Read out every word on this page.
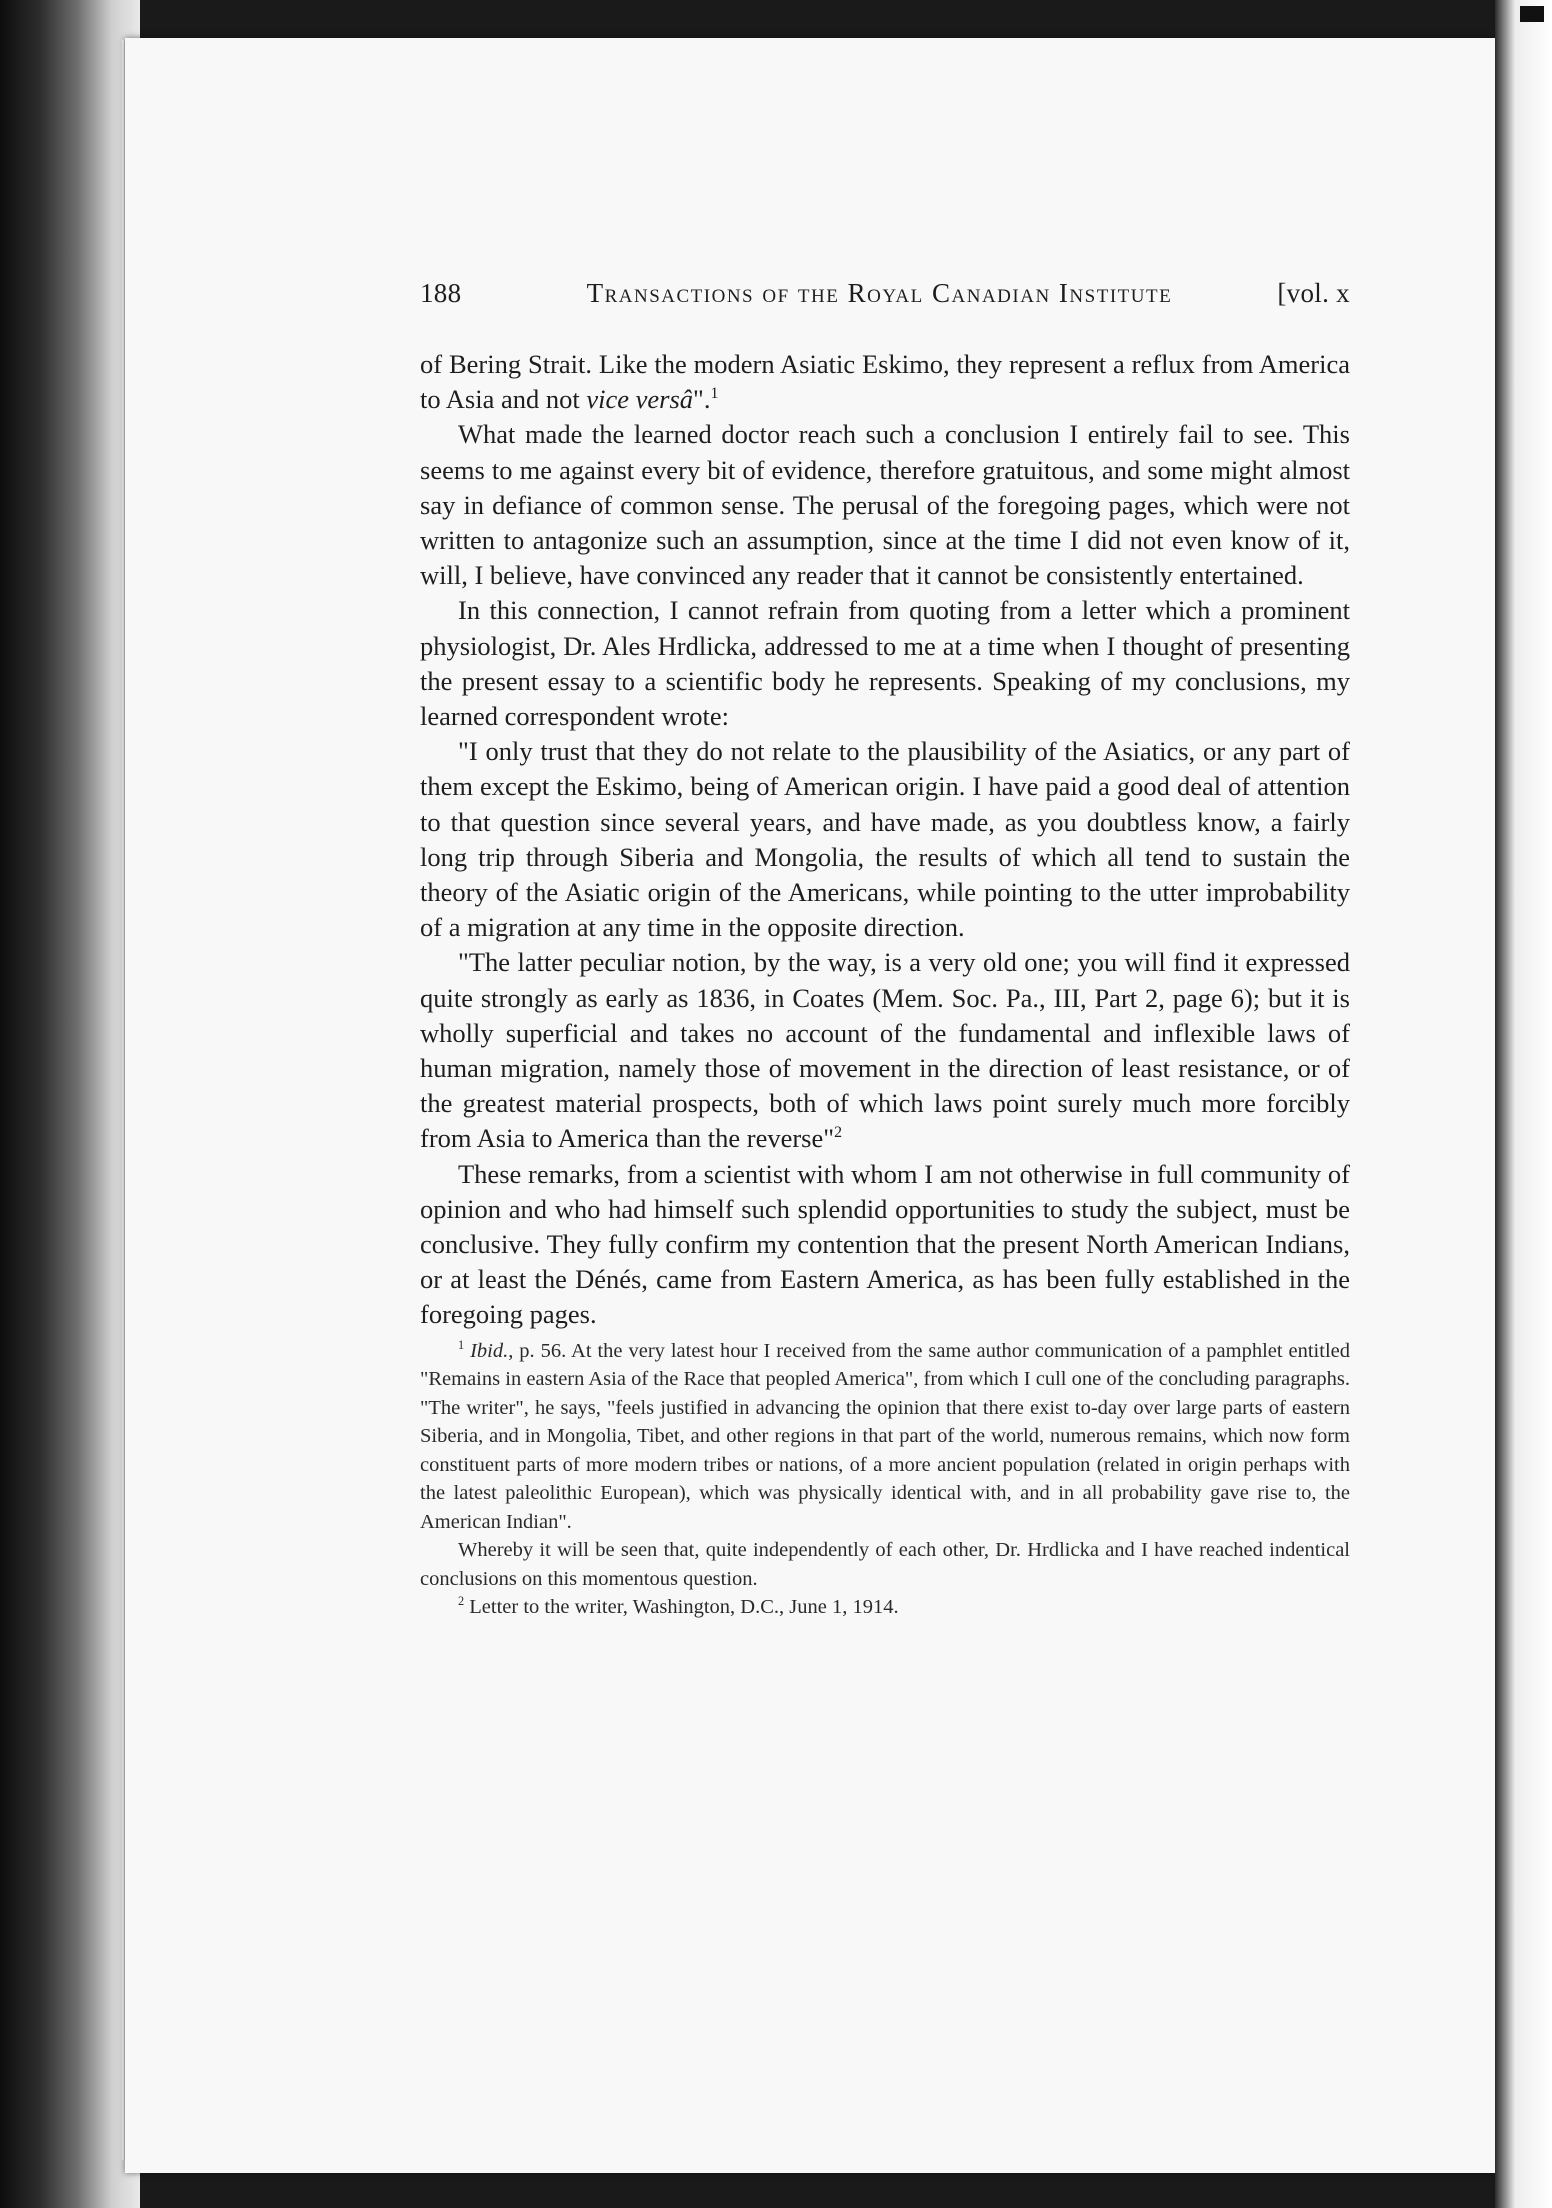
188	Transactions of the Royal Canadian Institute	[vol. x

of Bering Strait. Like the modern Asiatic Eskimo, they represent a reflux from America to Asia and not vice versâ".$^1$

What made the learned doctor reach such a conclusion I entirely fail to see. This seems to me against every bit of evidence, therefore gratuitous, and some might almost say in defiance of common sense. The perusal of the foregoing pages, which were not written to antagonize such an assumption, since at the time I did not even know of it, will, I believe, have convinced any reader that it cannot be consistently entertained.

In this connection, I cannot refrain from quoting from a letter which a prominent physiologist, Dr. Ales Hrdlicka, addressed to me at a time when I thought of presenting the present essay to a scientific body he represents. Speaking of my conclusions, my learned correspondent wrote:

"I only trust that they do not relate to the plausibility of the Asiatics, or any part of them except the Eskimo, being of American origin. I have paid a good deal of attention to that question since several years, and have made, as you doubtless know, a fairly long trip through Siberia and Mongolia, the results of which all tend to sustain the theory of the Asiatic origin of the Americans, while pointing to the utter improbability of a migration at any time in the opposite direction.

"The latter peculiar notion, by the way, is a very old one; you will find it expressed quite strongly as early as 1836, in Coates (Mem. Soc. Pa., III, Part 2, page 6); but it is wholly superficial and takes no account of the fundamental and inflexible laws of human migration, namely those of movement in the direction of least resistance, or of the greatest material prospects, both of which laws point surely much more forcibly from Asia to America than the reverse"$^2$

These remarks, from a scientist with whom I am not otherwise in full community of opinion and who had himself such splendid opportunities to study the subject, must be conclusive. They fully confirm my contention that the present North American Indians, or at least the Dénés, came from Eastern America, as has been fully established in the foregoing pages.

$^1$ Ibid., p. 56. At the very latest hour I received from the same author communication of a pamphlet entitled "Remains in eastern Asia of the Race that peopled America", from which I cull one of the concluding paragraphs. "The writer", he says, "feels justified in advancing the opinion that there exist to-day over large parts of eastern Siberia, and in Mongolia, Tibet, and other regions in that part of the world, numerous remains, which now form constituent parts of more modern tribes or nations, of a more ancient population (related in origin perhaps with the latest paleolithic European), which was physically identical with, and in all probability gave rise to, the American Indian".

Whereby it will be seen that, quite independently of each other, Dr. Hrdlicka and I have reached indentical conclusions on this momentous question.

$^2$ Letter to the writer, Washington, D.C., June 1, 1914.
